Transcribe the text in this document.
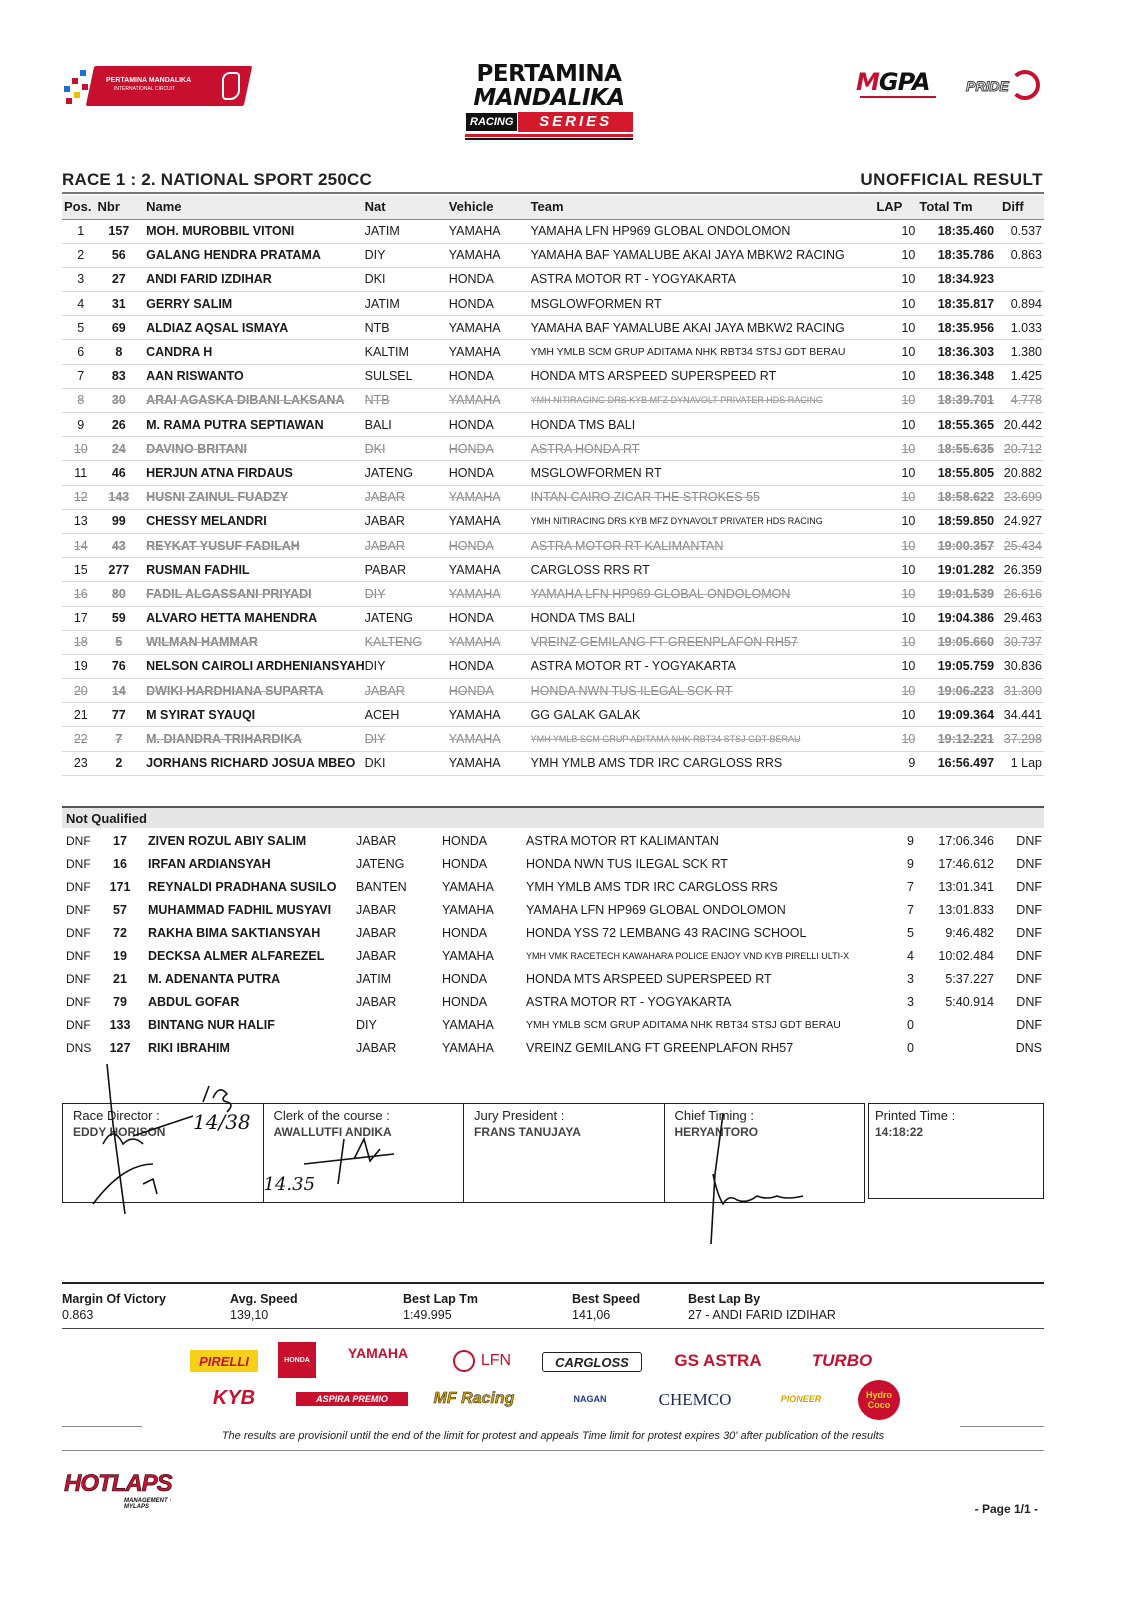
PERTAMINA MANDALIKA
INTERNATIONAL CIRCUIT
PERTAMINA
MANDALIKA
RACING	SERIES
MGPA	PRIDE
RACE 1 : 2. NATIONAL SPORT 250CC	UNOFFICIAL RESULT
Pos.	Nbr	Name	Nat	Vehicle	Team	LAP	Total Tm	Diff
1	157	MOH. MUROBBIL VITONI	JATIM	YAMAHA	YAMAHA LFN HP969 GLOBAL ONDOLOMON	10	18:35.460	0.537
2	56	GALANG HENDRA PRATAMA	DIY	YAMAHA	YAMAHA BAF YAMALUBE AKAI JAYA MBKW2 RACING	10	18:35.786	0.863
3	27	ANDI FARID IZDIHAR	DKI	HONDA	ASTRA MOTOR RT - YOGYAKARTA	10	18:34.923	
4	31	GERRY SALIM	JATIM	HONDA	MSGLOWFORMEN RT	10	18:35.817	0.894
5	69	ALDIAZ AQSAL ISMAYA	NTB	YAMAHA	YAMAHA BAF YAMALUBE AKAI JAYA MBKW2 RACING	10	18:35.956	1.033
6	8	CANDRA H	KALTIM	YAMAHA	YMH YMLB SCM GRUP ADITAMA NHK RBT34 STSJ GDT BERAU	10	18:36.303	1.380
7	83	AAN RISWANTO	SULSEL	HONDA	HONDA MTS ARSPEED SUPERSPEED RT	10	18:36.348	1.425
8	30	ARAI AGASKA DIBANI LAKSANA	NTB	YAMAHA	YMH NITIRACING DRS KYB MFZ DYNAVOLT PRIVATER HDS RACING	10	18:39.701	4.778
9	26	M. RAMA PUTRA SEPTIAWAN	BALI	HONDA	HONDA TMS BALI	10	18:55.365	20.442
10	24	DAVINO BRITANI	DKI	HONDA	ASTRA HONDA RT	10	18:55.635	20.712
11	46	HERJUN ATNA FIRDAUS	JATENG	HONDA	MSGLOWFORMEN RT	10	18:55.805	20.882
12	143	HUSNI ZAINUL FUADZY	JABAR	YAMAHA	INTAN CAIRO ZICAR THE STROKES 55	10	18:58.622	23.699
13	99	CHESSY MELANDRI	JABAR	YAMAHA	YMH NITIRACING DRS KYB MFZ DYNAVOLT PRIVATER HDS RACING	10	18:59.850	24.927
14	43	REYKAT YUSUF FADILAH	JABAR	HONDA	ASTRA MOTOR RT KALIMANTAN	10	19:00.357	25.434
15	277	RUSMAN FADHIL	PABAR	YAMAHA	CARGLOSS RRS RT	10	19:01.282	26.359
16	80	FADIL ALGASSANI PRIYADI	DIY	YAMAHA	YAMAHA LFN HP969 GLOBAL ONDOLOMON	10	19:01.539	26.616
17	59	ALVARO HETTA MAHENDRA	JATENG	HONDA	HONDA TMS BALI	10	19:04.386	29.463
18	5	WILMAN HAMMAR	KALTENG	YAMAHA	VREINZ GEMILANG FT GREENPLAFON RH57	10	19:05.660	30.737
19	76	NELSON CAIROLI ARDHENIANSYAH	DIY	HONDA	ASTRA MOTOR RT - YOGYAKARTA	10	19:05.759	30.836
20	14	DWIKI HARDHIANA SUPARTA	JABAR	HONDA	HONDA NWN TUS ILEGAL SCK RT	10	19:06.223	31.300
21	77	M SYIRAT SYAUQI	ACEH	YAMAHA	GG GALAK GALAK	10	19:09.364	34.441
22	7	M. DIANDRA TRIHARDIKA	DIY	YAMAHA	YMH YMLB SCM GRUP ADITAMA NHK RBT34 STSJ GDT BERAU	10	19:12.221	37.298
23	2	JORHANS RICHARD JOSUA MBEO	DKI	YAMAHA	YMH YMLB AMS TDR IRC CARGLOSS RRS	9	16:56.497	1 Lap
Not Qualified
DNF	17	ZIVEN ROZUL ABIY SALIM	JABAR	HONDA	ASTRA MOTOR RT KALIMANTAN	9	17:06.346	DNF
DNF	16	IRFAN ARDIANSYAH	JATENG	HONDA	HONDA NWN TUS ILEGAL SCK RT	9	17:46.612	DNF
DNF	171	REYNALDI PRADHANA SUSILO	BANTEN	YAMAHA	YMH YMLB AMS TDR IRC CARGLOSS RRS	7	13:01.341	DNF
DNF	57	MUHAMMAD FADHIL MUSYAVI	JABAR	YAMAHA	YAMAHA LFN HP969 GLOBAL ONDOLOMON	7	13:01.833	DNF
DNF	72	RAKHA BIMA SAKTIANSYAH	JABAR	HONDA	HONDA YSS 72 LEMBANG 43 RACING SCHOOL	5	9:46.482	DNF
DNF	19	DECKSA ALMER ALFAREZEL	JABAR	YAMAHA	YMH VMK RACETECH KAWAHARA POLICE ENJOY VND KYB PIRELLI ULTI-X	4	10:02.484	DNF
DNF	21	M. ADENANTA PUTRA	JATIM	HONDA	HONDA MTS ARSPEED SUPERSPEED RT	3	5:37.227	DNF
DNF	79	ABDUL GOFAR	JABAR	HONDA	ASTRA MOTOR RT - YOGYAKARTA	3	5:40.914	DNF
DNF	133	BINTANG NUR HALIF	DIY	YAMAHA	YMH YMLB SCM GRUP ADITAMA NHK RBT34 STSJ GDT BERAU	0		DNF
DNS	127	RIKI IBRAHIM	JABAR	YAMAHA	VREINZ GEMILANG FT GREENPLAFON RH57	0		DNS
Race Director :
EDDY HORISON	14/38 Clerk of the course :
AWALLUTFI ANDIKA
14.35
Jury President :
FRANS TANUJAYA
Chief Timing :
HERYANTORO
Printed Time :
14:18:22
Margin Of Victory
0.863
Avg. Speed
139,10
Best Lap Tm
1:49.995
Best Speed
141,06
Best Lap By
27 - ANDI FARID IZDIHAR
PIRELLI	HONDA	YAMAHA	LFN	CARGLOSS	GS ASTRA	TURBO
KYB	ASPIRA PREMIO	MF Racing	NAGAN	CHEMCO	PIONEER	Hydro Coco
The results are provisionil until the end of the limit for protest and appeals Time limit for protest expires 30' after publication of the results
HOTLAPS
MANAGEMENT · MYLAPS	- Page 1/1 -
